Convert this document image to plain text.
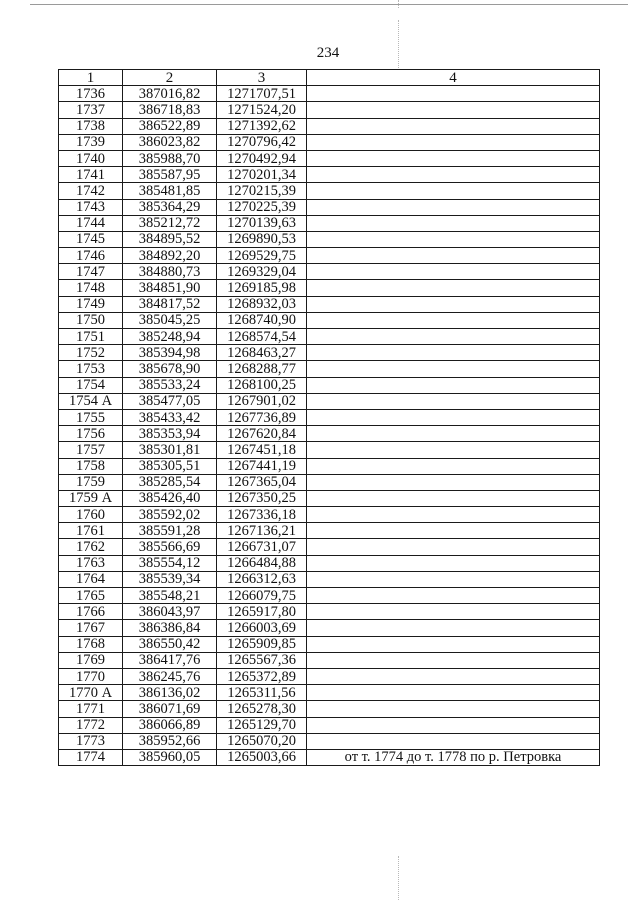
234
1	2	3	4
1736	387016,82	1271707,51	
1737	386718,83	1271524,20	
1738	386522,89	1271392,62	
1739	386023,82	1270796,42	
1740	385988,70	1270492,94	
1741	385587,95	1270201,34	
1742	385481,85	1270215,39	
1743	385364,29	1270225,39	
1744	385212,72	1270139,63	
1745	384895,52	1269890,53	
1746	384892,20	1269529,75	
1747	384880,73	1269329,04	
1748	384851,90	1269185,98	
1749	384817,52	1268932,03	
1750	385045,25	1268740,90	
1751	385248,94	1268574,54	
1752	385394,98	1268463,27	
1753	385678,90	1268288,77	
1754	385533,24	1268100,25	
1754 А	385477,05	1267901,02	
1755	385433,42	1267736,89	
1756	385353,94	1267620,84	
1757	385301,81	1267451,18	
1758	385305,51	1267441,19	
1759	385285,54	1267365,04	
1759 А	385426,40	1267350,25	
1760	385592,02	1267336,18	
1761	385591,28	1267136,21	
1762	385566,69	1266731,07	
1763	385554,12	1266484,88	
1764	385539,34	1266312,63	
1765	385548,21	1266079,75	
1766	386043,97	1265917,80	
1767	386386,84	1266003,69	
1768	386550,42	1265909,85	
1769	386417,76	1265567,36	
1770	386245,76	1265372,89	
1770 А	386136,02	1265311,56	
1771	386071,69	1265278,30	
1772	386066,89	1265129,70	
1773	385952,66	1265070,20	
1774	385960,05	1265003,66	от т. 1774 до т. 1778 по р. Петровка
